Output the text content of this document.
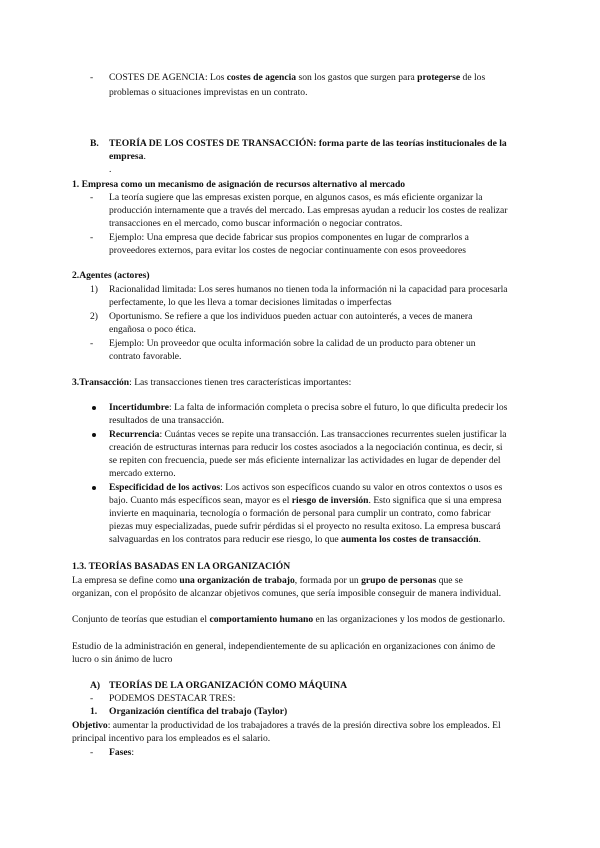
- COSTES DE AGENCIA: Los costes de agencia son los gastos que surgen para protegerse de los
problemas o situaciones imprevistas en un contrato.
B. TEORÍA DE LOS COSTES DE TRANSACCIÓN: forma parte de las teorías institucionales de la
empresa.
.
1. Empresa como un mecanismo de asignación de recursos alternativo al mercado
- La teoría sugiere que las empresas existen porque, en algunos casos, es más eficiente organizar la
producción internamente que a través del mercado. Las empresas ayudan a reducir los costes de realizar
transacciones en el mercado, como buscar información o negociar contratos.
- Ejemplo: Una empresa que decide fabricar sus propios componentes en lugar de comprarlos a
proveedores externos, para evitar los costes de negociar continuamente con esos proveedores
2.Agentes (actores)
1) Racionalidad limitada: Los seres humanos no tienen toda la información ni la capacidad para procesarla
perfectamente, lo que les lleva a tomar decisiones limitadas o imperfectas
2) Oportunismo. Se refiere a que los individuos pueden actuar con autointerés, a veces de manera
engañosa o poco ética.
- Ejemplo: Un proveedor que oculta información sobre la calidad de un producto para obtener un
contrato favorable.
3.Transacción: Las transacciones tienen tres características importantes:
Incertidumbre: La falta de información completa o precisa sobre el futuro, lo que dificulta predecir los
resultados de una transacción.
Recurrencia: Cuántas veces se repite una transacción. Las transacciones recurrentes suelen justificar la
creación de estructuras internas para reducir los costes asociados a la negociación continua, es decir, si
se repiten con frecuencia, puede ser más eficiente internalizar las actividades en lugar de depender del
mercado externo.
Especificidad de los activos: Los activos son específicos cuando su valor en otros contextos o usos es
bajo. Cuanto más específicos sean, mayor es el riesgo de inversión. Esto significa que si una empresa
invierte en maquinaria, tecnología o formación de personal para cumplir un contrato, como fabricar
piezas muy especializadas, puede sufrir pérdidas si el proyecto no resulta exitoso. La empresa buscará
salvaguardas en los contratos para reducir ese riesgo, lo que aumenta los costes de transacción.
1.3. TEORÍAS BASADAS EN LA ORGANIZACIÓN
La empresa se define como una organización de trabajo, formada por un grupo de personas que se
organizan, con el propósito de alcanzar objetivos comunes, que sería imposible conseguir de manera individual.
Conjunto de teorías que estudian el comportamiento humano en las organizaciones y los modos de gestionarlo.
Estudio de la administración en general, independientemente de su aplicación en organizaciones con ánimo de
lucro o sin ánimo de lucro
A) TEORÍAS DE LA ORGANIZACIÓN COMO MÁQUINA
- PODEMOS DESTACAR TRES:
1. Organización científica del trabajo (Taylor)
Objetivo: aumentar la productividad de los trabajadores a través de la presión directiva sobre los empleados. El
principal incentivo para los empleados es el salario.
- Fases:
